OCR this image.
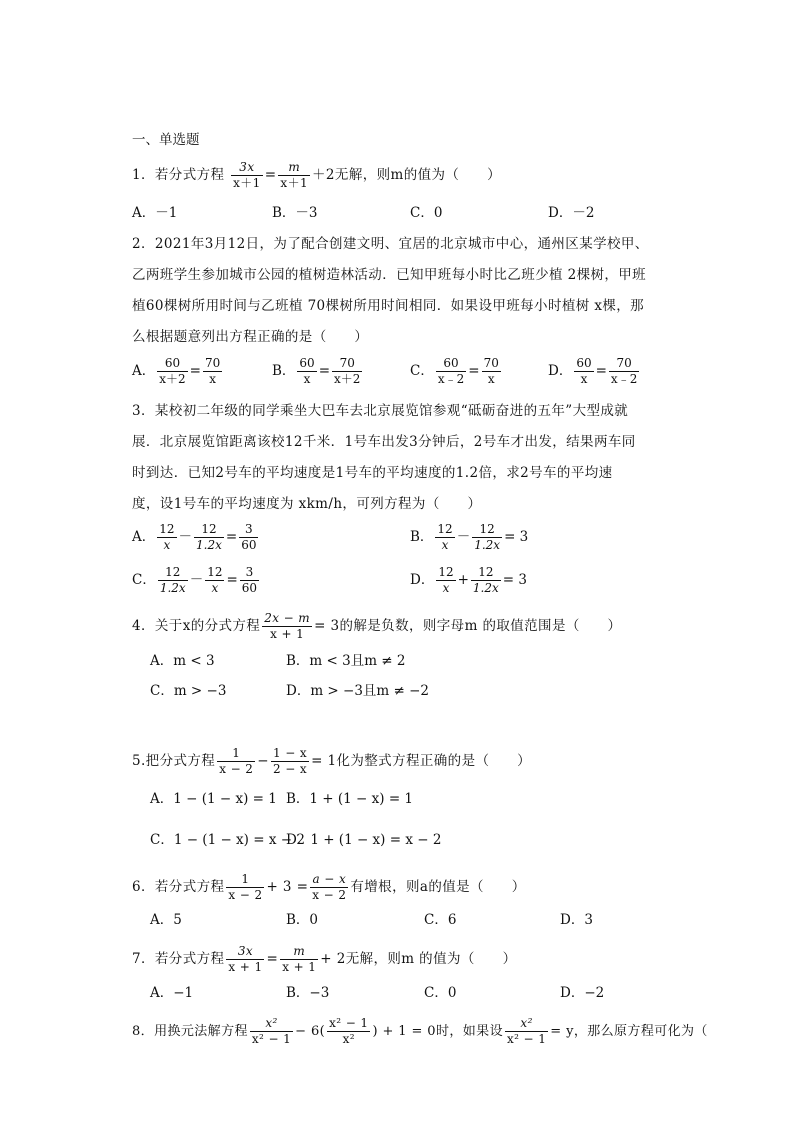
一、单选题
1．若分式方程 $\frac{3x}{x+1} = \frac{m}{x+1} +2$无解，则m的值为（　　）
A．－1	B．－3	C．0	D．－2
2．2021年3月12日，为了配合创建文明、宜居的北京城市中心，通州区某学校甲、
乙两班学生参加城市公园的植树造林活动．已知甲班每小时比乙班少植 2棵树，甲班
植60棵树所用时间与乙班植 70棵树所用时间相同．如果设甲班每小时植树 x棵，那
么根据题意列出方程正确的是（　　）
A． $\frac{60}{x+2} = \frac{70}{x}$	B． $\frac{60}{x} = \frac{70}{x+2}$	C． $\frac{60}{x﹣2} = \frac{70}{x}$	D． $\frac{60}{x} = \frac{70}{x﹣2}$
3．某校初二年级的同学乘坐大巴车去北京展览馆参观“砥砺奋进的五年”大型成就
展．北京展览馆距离该校12千米．1号车出发3分钟后，2号车才出发，结果两车同
时到达．已知2号车的平均速度是1号车的平均速度的1.2倍，求2号车的平均速
度，设1号车的平均速度为 xkm/h，可列方程为（　　）
A． $\frac{12}{x} - \frac{12}{1.2x} = \frac{3}{60}$	B． $\frac{12}{x} - \frac{12}{1.2x} = 3$
C． $\frac{12}{1.2x} - \frac{12}{x} = \frac{3}{60}$	D． $\frac{12}{x} + \frac{12}{1.2x} = 3$
4．关于x的分式方程 $\frac{2x - m}{x + 1} = 3$的解是负数，则字母m 的取值范围是（　　）
A．m < 3	B．m < 3且m ≠ 2
C．m > −3	D．m > −3且m ≠ −2
5.把分式方程 $\frac{1}{x - 2} - \frac{1 - x}{2 - x} = 1$化为整式方程正确的是（　　）
A．1 − (1 − x) = 1 B．1 + (1 − x) = 1
C．1 − (1 − x) = x − 2
D．1 + (1 − x) = x − 2
6．若分式方程 $\frac{1}{x - 2} + 3 = \frac{a - x}{x - 2}$ 有增根，则a的值是（　　）
A．5	B．0	C．6	D．3
7．若分式方程 $\frac{3x}{x + 1} = \frac{m}{x + 1} + 2$无解，则m 的值为（　　）
A．−1	B．−3	C．0	D．−2
8．用换元法解方程 $\frac{\text{x²}}{\text{x² − 1}} - 6( \frac{\text{x² − 1}}{\text{x²}}$ ) + 1 = 0时，如果设 $\frac{\text{x²}}{\text{x² − 1}} = y$，那么原方程可化为（
